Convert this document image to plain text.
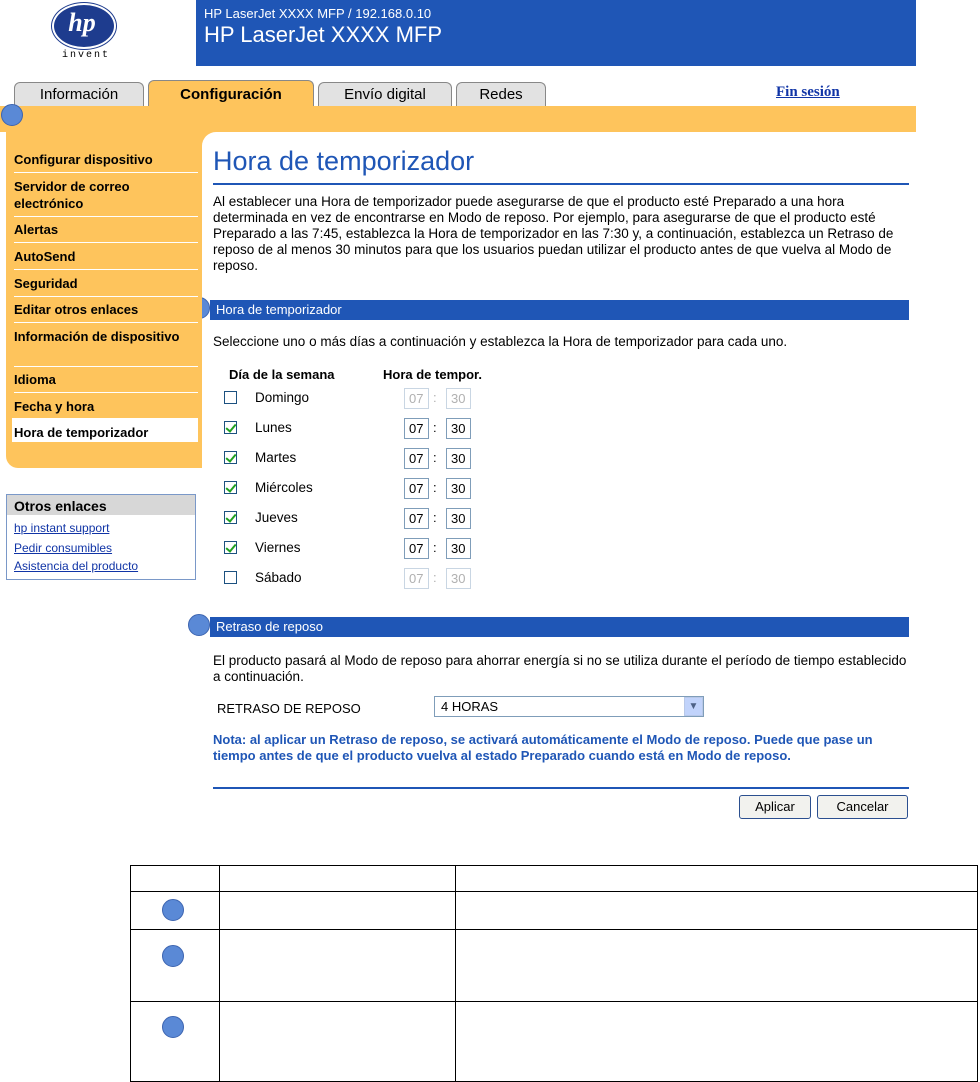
hp
invent
HP LaserJet XXXX MFP / 192.168.0.10
HP LaserJet XXXX MFP
Información	Configuración	Envío digital	Redes	Fin sesión
Configurar dispositivo
Servidor de correo electrónico
Alertas
AutoSend
Seguridad
Editar otros enlaces
Información de dispositivo
Idioma
Fecha y hora
Hora de temporizador
Otros enlaces
hp instant support
Pedir consumibles
Asistencia del producto
Hora de temporizador
Al establecer una Hora de temporizador puede asegurarse de que el producto esté Preparado a una hora determinada en vez de encontrarse en Modo de reposo. Por ejemplo, para asegurarse de que el producto esté Preparado a las 7:45, establezca la Hora de temporizador en las 7:30 y, a continuación, establezca un Retraso de reposo de al menos 30 minutos para que los usuarios puedan utilizar el producto antes de que vuelva al Modo de reposo.
Hora de temporizador
Seleccione uno o más días a continuación y establezca la Hora de temporizador para cada uno.
Día de la semana	Hora de tempor.
Domingo	07 :	30
Lunes	07 :	30
Martes	07 :	30
Miércoles	07 :	30
Jueves	07 :	30
Viernes	07 :	30
Sábado	07 :	30
Retraso de reposo
El producto pasará al Modo de reposo para ahorrar energía si no se utiliza durante el período de tiempo establecido a continuación.
RETRASO DE REPOSO	4 HORAS	▼
Nota: al aplicar un Retraso de reposo, se activará automáticamente el Modo de reposo. Puede que pase un tiempo antes de que el producto vuelva al estado Preparado cuando está en Modo de reposo.
Aplicar	Cancelar
